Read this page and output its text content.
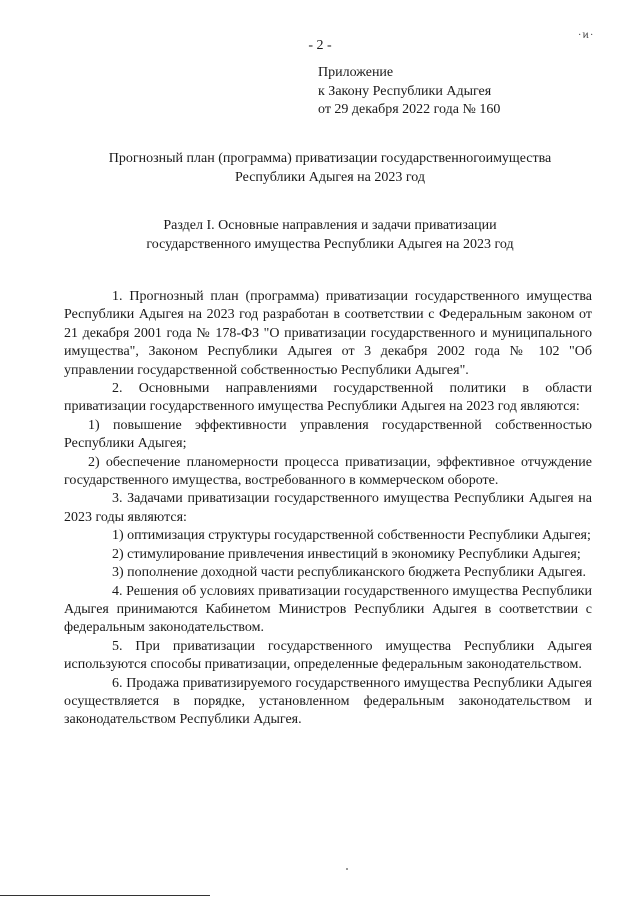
- 2 -
·ͷ·
Приложение
к Закону Республики Адыгея
от 29 декабря 2022 года № 160
Прогнозный план (программа) приватизации государственногоимущества
Республики Адыгея на 2023 год
Раздел I. Основные направления и задачи приватизации
государственного имущества Республики Адыгея на 2023 год

1. Прогнозный план (программа) приватизации государственного имущества Республики Адыгея на 2023 год разработан в соответствии с Федеральным законом от 21 декабря 2001 года № 178-ФЗ "О приватизации государственного и муниципального имущества", Законом Республики Адыгея от 3 декабря 2002 года № 102 "Об управлении государственной собственностью Республики Адыгея".

2. Основными направлениями государственной политики в области приватизации государственного имущества Республики Адыгея на 2023 год являются:

1) повышение эффективности управления государственной собственностью Республики Адыгея;

2) обеспечение планомерности процесса приватизации, эффективное отчуждение государственного имущества, востребованного в коммерческом обороте.

3. Задачами приватизации государственного имущества Республики Адыгея на 2023 годы являются:

1) оптимизация структуры государственной собственности Республики Адыгея;

2) стимулирование привлечения инвестиций в экономику Республики Адыгея;

3) пополнение доходной части республиканского бюджета Республики Адыгея.

4. Решения об условиях приватизации государственного имущества Республики Адыгея принимаются Кабинетом Министров Республики Адыгея в соответствии с федеральным законодательством.

5. При приватизации государственного имущества Республики Адыгея используются способы приватизации, определенные федеральным законодательством.

6. Продажа приватизируемого государственного имущества Республики Адыгея осуществляется в порядке, установленном федеральным законодательством и законодательством Республики Адыгея.
